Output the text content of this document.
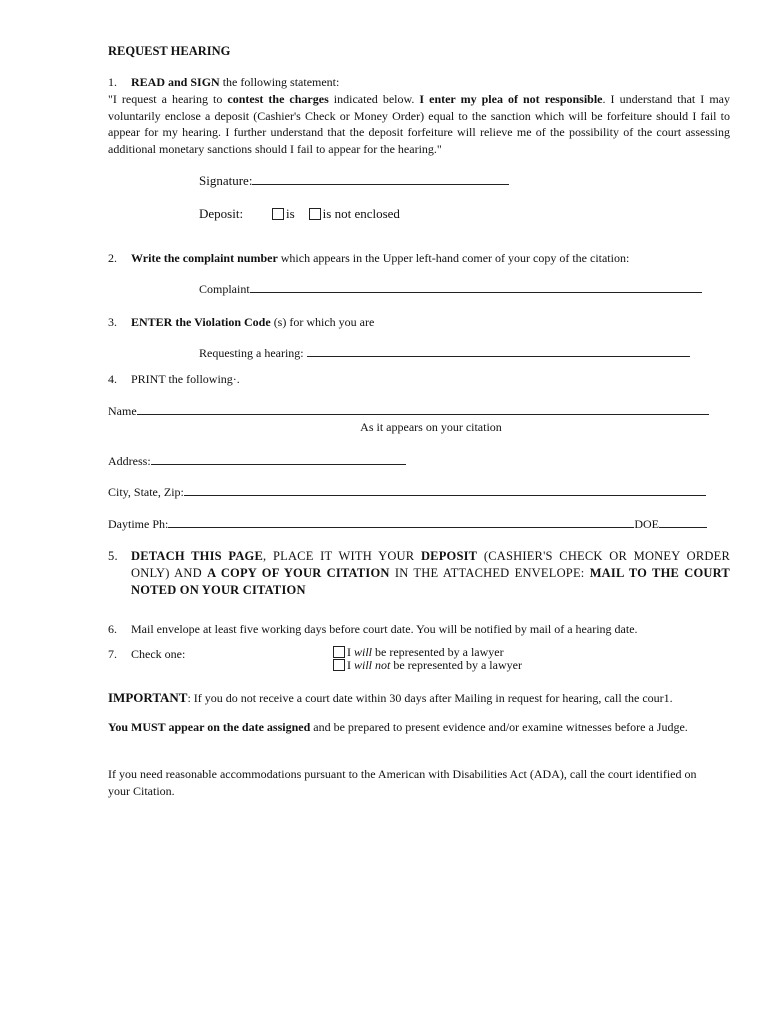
REQUEST HEARING
1. READ and SIGN the following statement:
"I request a hearing to contest the charges indicated below. I enter my plea of not responsible. I understand that I may voluntarily enclose a deposit (Cashier's Check or Money Order) equal to the sanction which will be forfeiture should I fail to appear for my hearing. I further understand that the deposit forfeiture will relieve me of the possibility of the court assessing additional monetary sanctions should I fail to appear for the hearing."
Signature:
Deposit:	is is not enclosed
2. Write the complaint number which appears in the Upper left-hand comer of your copy of the citation:
Complaint
3. ENTER the Violation Code (s) for which you are
Requesting a hearing:
4. PRINT the following·.
Name
As it appears on your citation
Address:
City, State, Zip:
Daytime Ph:	DOE
5.	DETACH THIS PAGE, PLACE IT WITH YOUR DEPOSIT (CASHIER'S CHECK OR MONEY ORDER ONLY) AND A COPY OF YOUR CITATION IN THE ATTACHED ENVELOPE: MAIL TO THE COURT NOTED ON YOUR CITATION
6. Mail envelope at least five working days before court date. You will be notified by mail of a hearing date.
7. Check one:	I will be represented by a lawyer
I will not be represented by a lawyer
IMPORTANT: If you do not receive a court date within 30 days after Mailing in request for hearing, call the cour1.
You MUST appear on the date assigned and be prepared to present evidence and/or examine witnesses before a Judge.
If you need reasonable accommodations pursuant to the American with Disabilities Act (ADA), call the court identified on your Citation.
